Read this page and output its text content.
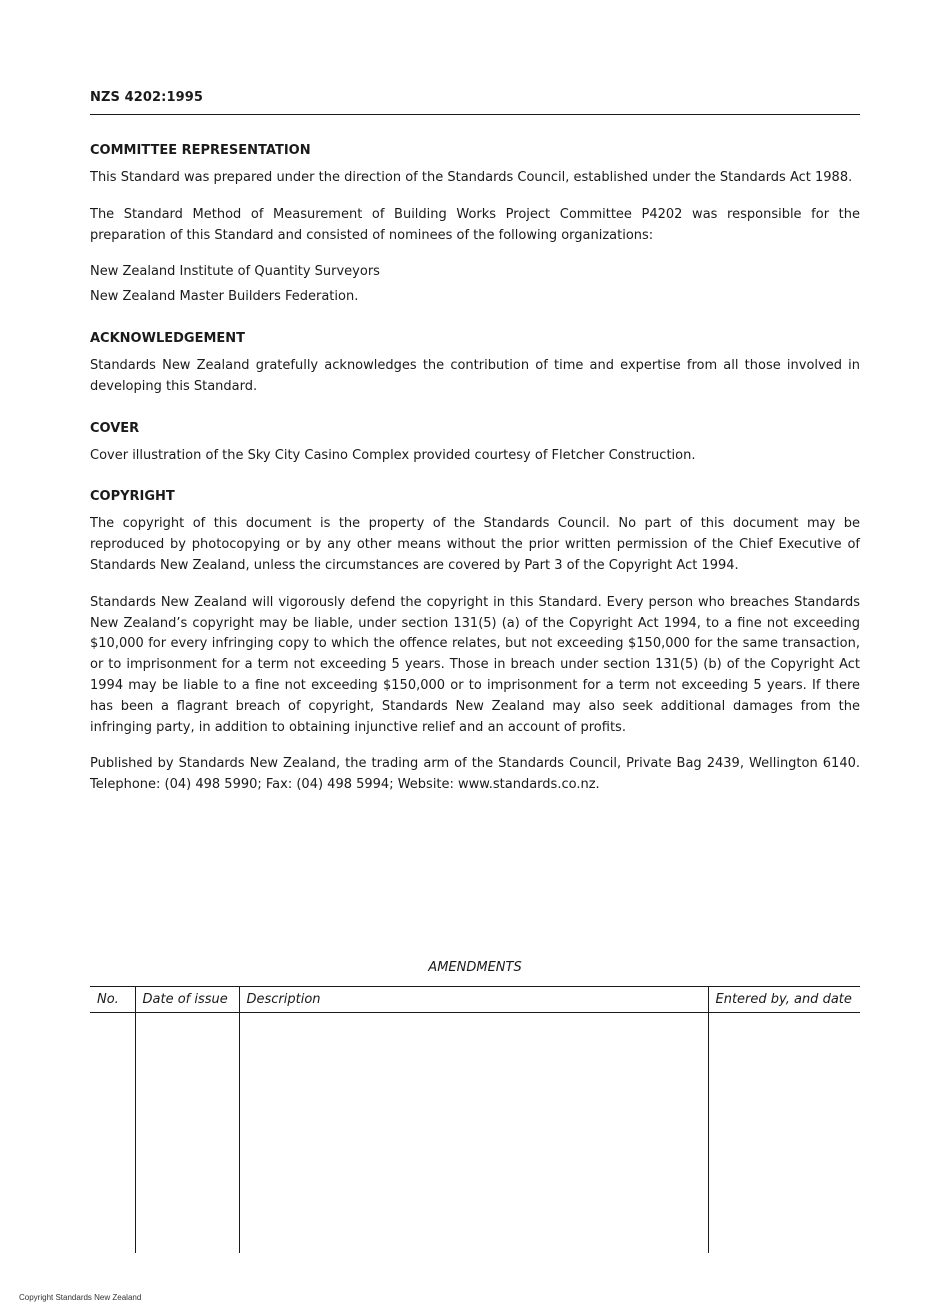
NZS 4202:1995
COMMITTEE REPRESENTATION

This Standard was prepared under the direction of the Standards Council, established under the Standards Act 1988.

The Standard Method of Measurement of Building Works Project Committee P4202 was responsible for the preparation of this Standard and consisted of nominees of the following organizations:

New Zealand Institute of Quantity Surveyors
New Zealand Master Builders Federation.
ACKNOWLEDGEMENT

Standards New Zealand gratefully acknowledges the contribution of time and expertise from all those involved in developing this Standard.

COVER

Cover illustration of the Sky City Casino Complex provided courtesy of Fletcher Construction.

COPYRIGHT

The copyright of this document is the property of the Standards Council. No part of this document may be reproduced by photocopying or by any other means without the prior written permission of the Chief Executive of Standards New Zealand, unless the circumstances are covered by Part 3 of the Copyright Act 1994.

Standards New Zealand will vigorously defend the copyright in this Standard. Every person who breaches Standards New Zealand’s copyright may be liable, under section 131(5) (a) of the Copyright Act 1994, to a fine not exceeding $10,000 for every infringing copy to which the offence relates, but not exceeding $150,000 for the same transaction, or to imprisonment for a term not exceeding 5 years. Those in breach under section 131(5) (b) of the Copyright Act 1994 may be liable to a fine not exceeding $150,000 or to imprisonment for a term not exceeding 5 years. If there has been a flagrant breach of copyright, Standards New Zealand may also seek additional damages from the infringing party, in addition to obtaining injunctive relief and an account of profits.

Published by Standards New Zealand, the trading arm of the Standards Council, Private Bag 2439, Wellington 6140. Telephone: (04) 498 5990; Fax: (04) 498 5994; Website: www.standards.co.nz.

AMENDMENTS
No.	Date of issue	Description	Entered by, and date

Copyright Standards New Zealand
